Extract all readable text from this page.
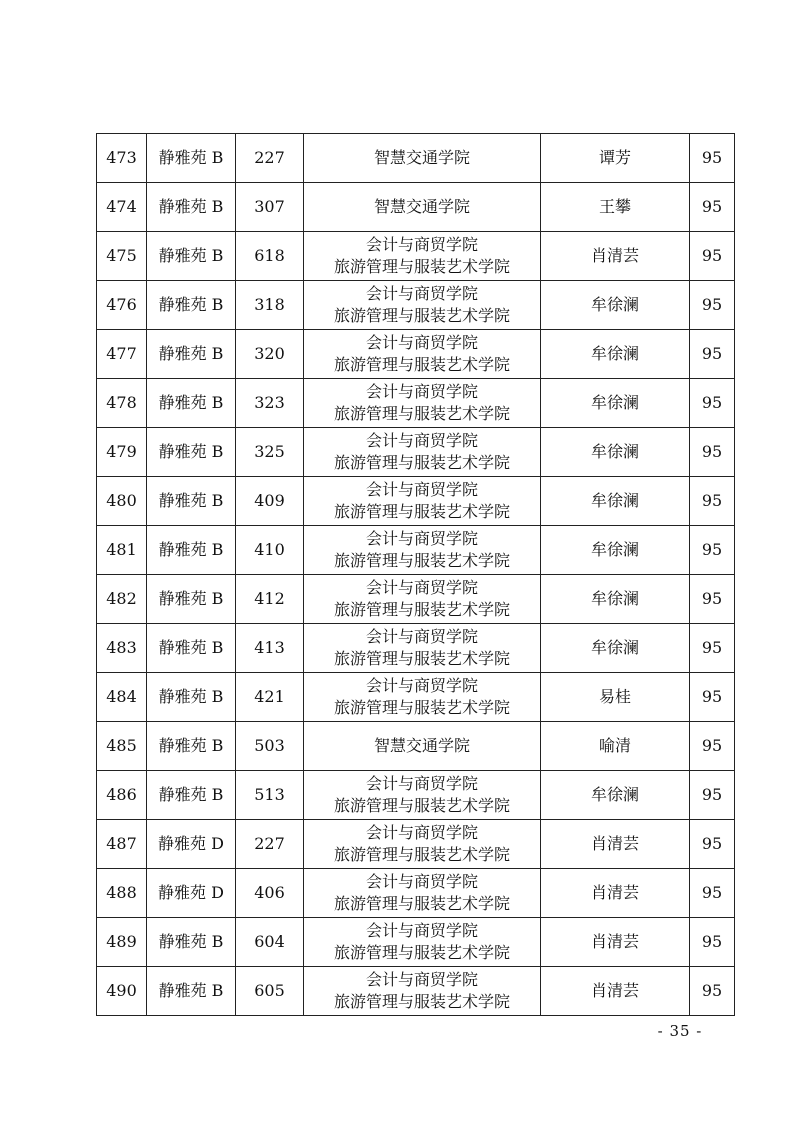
473	静雅苑 B	227	智慧交通学院	谭芳	95
474	静雅苑 B	307	智慧交通学院	王攀	95
475	静雅苑 B	618	会计与商贸学院
旅游管理与服装艺术学院	肖清芸	95
476	静雅苑 B	318	会计与商贸学院
旅游管理与服装艺术学院	牟徐澜	95
477	静雅苑 B	320	会计与商贸学院
旅游管理与服装艺术学院	牟徐澜	95
478	静雅苑 B	323	会计与商贸学院
旅游管理与服装艺术学院	牟徐澜	95
479	静雅苑 B	325	会计与商贸学院
旅游管理与服装艺术学院	牟徐澜	95
480	静雅苑 B	409	会计与商贸学院
旅游管理与服装艺术学院	牟徐澜	95
481	静雅苑 B	410	会计与商贸学院
旅游管理与服装艺术学院	牟徐澜	95
482	静雅苑 B	412	会计与商贸学院
旅游管理与服装艺术学院	牟徐澜	95
483	静雅苑 B	413	会计与商贸学院
旅游管理与服装艺术学院	牟徐澜	95
484	静雅苑 B	421	会计与商贸学院
旅游管理与服装艺术学院	易桂	95
485	静雅苑 B	503	智慧交通学院	喻清	95
486	静雅苑 B	513	会计与商贸学院
旅游管理与服装艺术学院	牟徐澜	95
487	静雅苑 D	227	会计与商贸学院
旅游管理与服装艺术学院	肖清芸	95
488	静雅苑 D	406	会计与商贸学院
旅游管理与服装艺术学院	肖清芸	95
489	静雅苑 B	604	会计与商贸学院
旅游管理与服装艺术学院	肖清芸	95
490	静雅苑 B	605	会计与商贸学院
旅游管理与服装艺术学院	肖清芸	95
- 35 -
